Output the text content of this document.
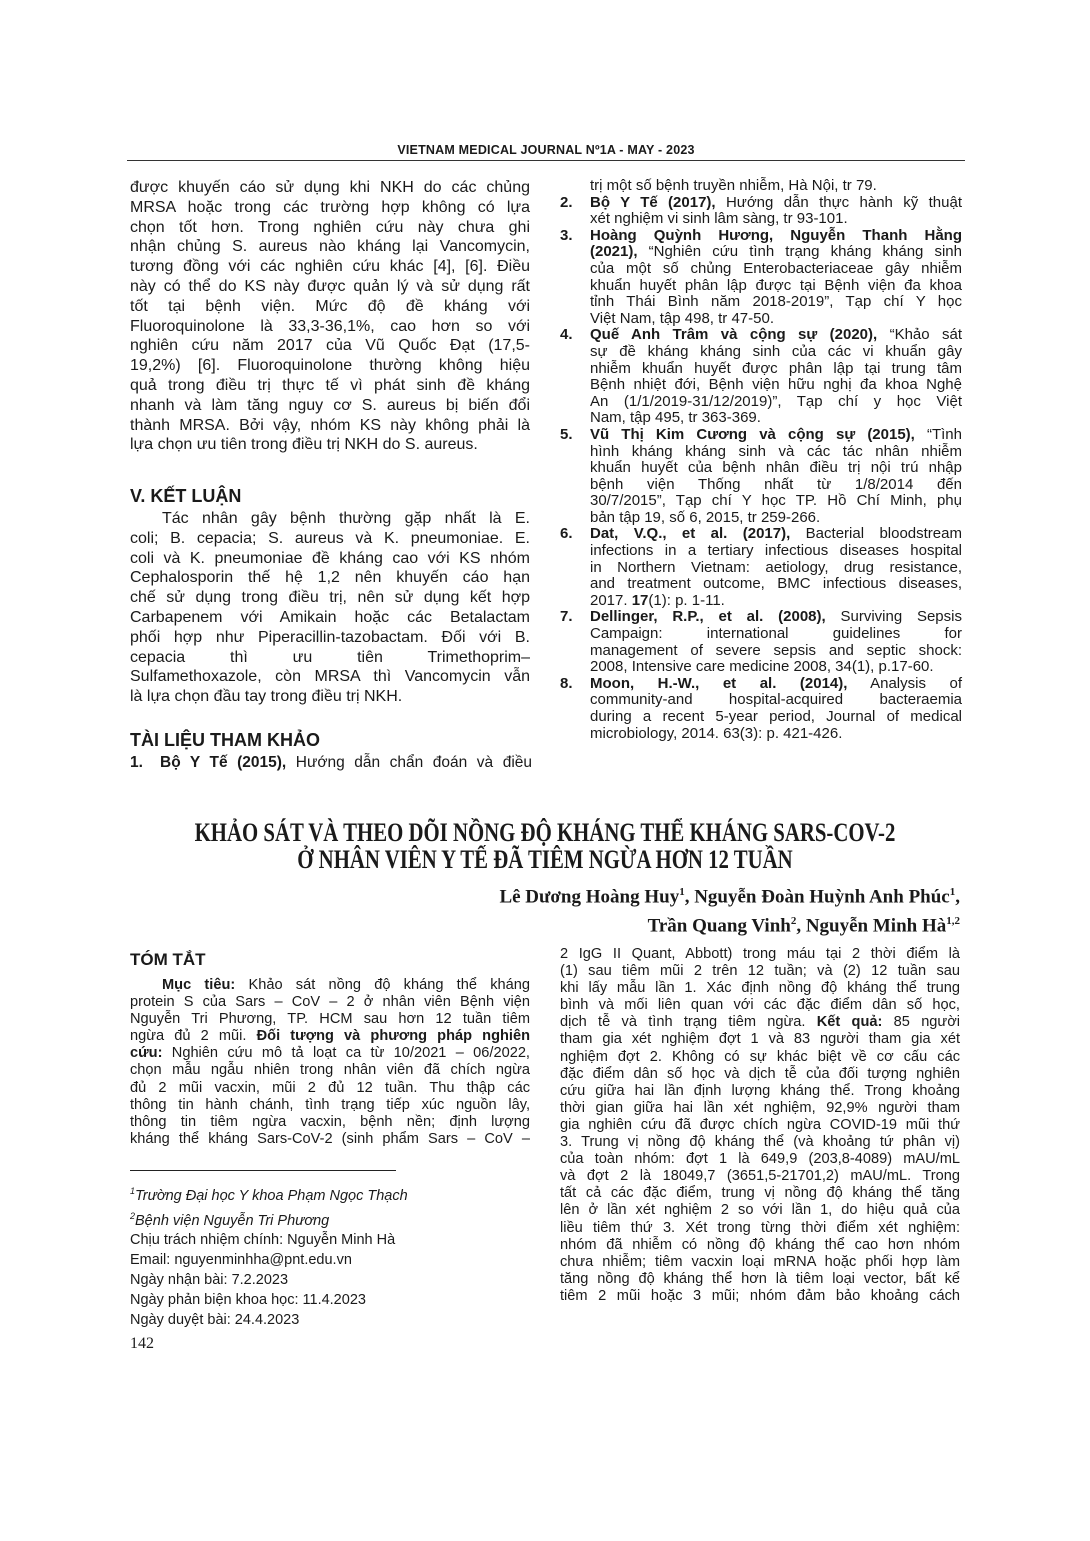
VIETNAM MEDICAL JOURNAL Nº1A - MAY - 2023
được khuyến cáo sử dụng khi NKH do các chủng
MRSA hoặc trong các trường hợp không có lựa
chọn tốt hơn. Trong nghiên cứu này chưa ghi
nhận chủng S. aureus nào kháng lại Vancomycin,
tương đồng với các nghiên cứu khác [4], [6]. Điều
này có thể do KS này được quản lý và sử dụng rất
tốt tại bệnh viện. Mức độ đề kháng với
Fluoroquinolone là 33,3-36,1%, cao hơn so với
nghiên cứu năm 2017 của Vũ Quốc Đạt (17,5-
19,2%) [6]. Fluoroquinolone thường không hiệu
quả trong điều trị thực tế vì phát sinh đề kháng
nhanh và làm tăng nguy cơ S. aureus bị biến đổi
thành MRSA. Bởi vậy, nhóm KS này không phải là
lựa chọn ưu tiên trong điều trị NKH do S. aureus.
V. KẾT LUẬN
Tác nhân gây bệnh thường gặp nhất là E.
coli; B. cepacia; S. aureus và K. pneumoniae. E.
coli và K. pneumoniae đề kháng cao với KS nhóm
Cephalosporin thế hệ 1,2 nên khuyến cáo hạn
chế sử dụng trong điều trị, nên sử dụng kết hợp
Carbapenem với Amikain hoặc các Betalactam
phối hợp như Piperacillin-tazobactam. Đối với B.
cepacia thì ưu tiên Trimethoprim–
Sulfamethoxazole, còn MRSA thì Vancomycin vẫn
là lựa chọn đầu tay trong điều trị NKH.
TÀI LIỆU THAM KHẢO
1. Bộ Y Tế (2015), Hướng dẫn chẩn đoán và điều
trị một số bệnh truyền nhiễm, Hà Nội, tr 79.
2. Bộ Y Tế (2017), Hướng dẫn thực hành kỹ thuật
xét nghiệm vi sinh lâm sàng, tr 93-101.
3. Hoàng Quỳnh Hương, Nguyễn Thanh Hằng
(2021), “Nghiên cứu tình trạng kháng kháng sinh
của một số chủng Enterobacteriaceae gây nhiễm
khuẩn huyết phân lập được tại Bệnh viện đa khoa
tỉnh Thái Bình năm 2018-2019”, Tạp chí Y học
Việt Nam, tập 498, tr 47-50.
4. Quế Anh Trâm và cộng sự (2020), “Khảo sát
sự đề kháng kháng sinh của các vi khuẩn gây
nhiễm khuẩn huyết được phân lập tại trung tâm
Bệnh nhiệt đới, Bệnh viện hữu nghị đa khoa Nghệ
An (1/1/2019-31/12/2019)”, Tạp chí y học Việt
Nam, tập 495, tr 363-369.
5. Vũ Thị Kim Cương và cộng sự (2015), “Tình
hình kháng kháng sinh và các tác nhân nhiễm
khuẩn huyết của bệnh nhân điều trị nội trú nhập
bệnh viện Thống nhất từ 1/8/2014 đến
30/7/2015”, Tạp chí Y học TP. Hồ Chí Minh, phụ
bản tập 19, số 6, 2015, tr 259-266.
6. Dat, V.Q., et al. (2017), Bacterial bloodstream
infections in a tertiary infectious diseases hospital
in Northern Vietnam: aetiology, drug resistance,
and treatment outcome, BMC infectious diseases,
2017. 17(1): p. 1-11.
7. Dellinger, R.P., et al. (2008), Surviving Sepsis
Campaign: international guidelines for
management of severe sepsis and septic shock:
2008, Intensive care medicine 2008, 34(1), p.17-60.
8. Moon, H.-W., et al. (2014), Analysis of
community-and hospital-acquired bacteraemia
during a recent 5-year period, Journal of medical
microbiology, 2014. 63(3): p. 421-426.
KHẢO SÁT VÀ THEO DÕI NỒNG ĐỘ KHÁNG THỂ KHÁNG SARS-COV-2
Ở NHÂN VIÊN Y TẾ ĐÃ TIÊM NGỪA HƠN 12 TUẦN
Lê Dương Hoàng Huy$^1$, Nguyễn Đoàn Huỳnh Anh Phúc$^1$,
Trần Quang Vinh$^2$, Nguyễn Minh Hà$^{1,2}$
TÓM TẮT
Mục tiêu: Khảo sát nồng độ kháng thể kháng
protein S của Sars – CoV – 2 ở nhân viên Bệnh viện
Nguyễn Tri Phương, TP. HCM sau hơn 12 tuần tiêm
ngừa đủ 2 mũi. Đối tượng và phương pháp nghiên
cứu: Nghiên cứu mô tả loạt ca từ 10/2021 – 06/2022,
chọn mẫu ngẫu nhiên trong nhân viên đã chích ngừa
đủ 2 mũi vacxin, mũi 2 đủ 12 tuần. Thu thập các
thông tin hành chánh, tình trạng tiếp xúc nguồn lây,
thông tin tiêm ngừa vacxin, bệnh nền; định lượng
kháng thể kháng Sars-CoV-2 (sinh phẩm Sars – CoV –
2 IgG II Quant, Abbott) trong máu tại 2 thời điểm là
(1) sau tiêm mũi 2 trên 12 tuần; và (2) 12 tuần sau
khi lấy mẫu lần 1. Xác định nồng độ kháng thể trung
bình và mối liên quan với các đặc điểm dân số học,
dịch tễ và tình trạng tiêm ngừa. Kết quả: 85 người
tham gia xét nghiệm đợt 1 và 83 người tham gia xét
nghiệm đợt 2. Không có sự khác biệt về cơ cấu các
đặc điểm dân số học và dịch tễ của đối tượng nghiên
cứu giữa hai lần định lượng kháng thể. Trong khoảng
thời gian giữa hai lần xét nghiệm, 92,9% người tham
gia nghiên cứu đã được chích ngừa COVID-19 mũi thứ
3. Trung vị nồng độ kháng thể (và khoảng tứ phân vị)
của toàn nhóm: đợt 1 là 649,9 (203,8-4089) mAU/mL
và đợt 2 là 18049,7 (3651,5-21701,2) mAU/mL. Trong
tất cả các đặc điểm, trung vị nồng độ kháng thể tăng
lên ở lần xét nghiệm 2 so với lần 1, do hiệu quả của
liều tiêm thứ 3. Xét trong từng thời điểm xét nghiệm:
nhóm đã nhiễm có nồng độ kháng thể cao hơn nhóm
chưa nhiễm; tiêm vacxin loại mRNA hoặc phối hợp làm
tăng nồng độ kháng thể hơn là tiêm loại vector, bất kể
tiêm 2 mũi hoặc 3 mũi; nhóm đảm bảo khoảng cách
$^1$Trường Đại học Y khoa Phạm Ngọc Thạch
$^2$Bệnh viện Nguyễn Tri Phương
Chịu trách nhiệm chính: Nguyễn Minh Hà
Email: nguyenminhha@pnt.edu.vn
Ngày nhận bài: 7.2.2023
Ngày phản biện khoa học: 11.4.2023
Ngày duyệt bài: 24.4.2023
142
